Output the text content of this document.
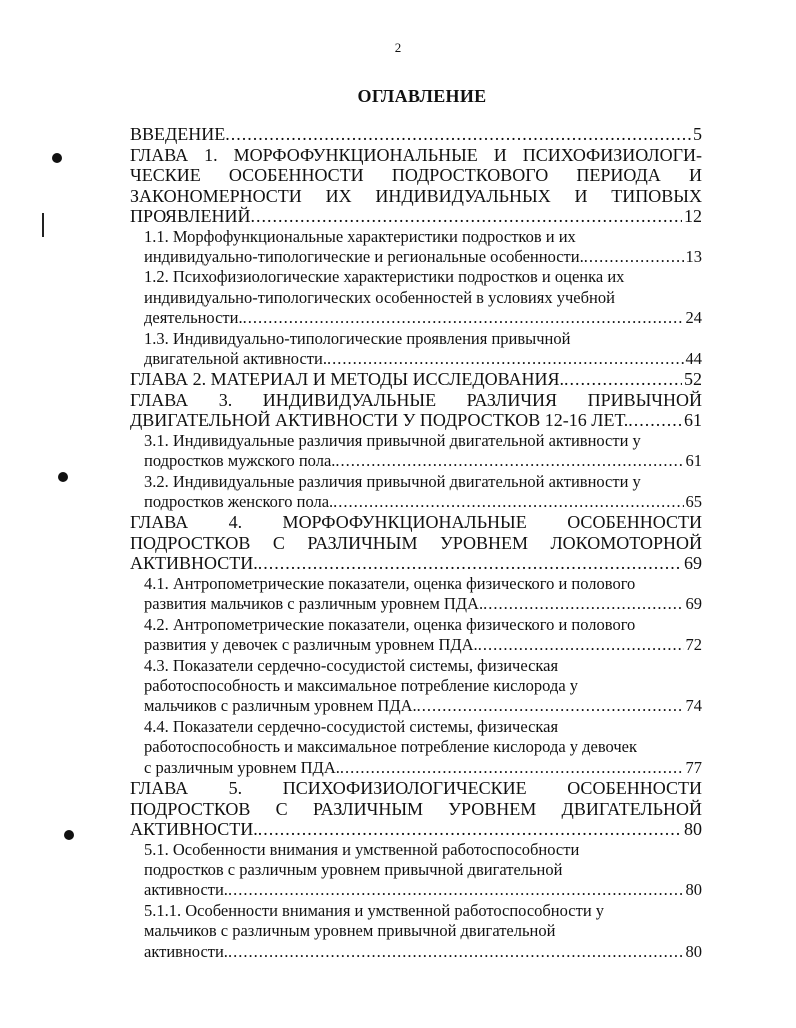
2
ОГЛАВЛЕНИЕ
ВВЕДЕНИЕ .....	5
ГЛАВА 1. МОРФОФУНКЦИОНАЛЬНЫЕ И ПСИХОФИЗИОЛОГИ-
ЧЕСКИЕ ОСОБЕННОСТИ ПОДРОСТКОВОГО ПЕРИОДА И
ЗАКОНОМЕРНОСТИ ИХ ИНДИВИДУАЛЬНЫХ И ТИПОВЫХ
ПРОЯВЛЕНИЙ .....	12
1.1. Морфофункциональные характеристики подростков и их
индивидуально-типологические и региональные особенности. .....	13
1.2. Психофизиологические характеристики подростков и оценка их
индивидуально-типологических особенностей в условиях учебной
деятельности. .....	24
1.3. Индивидуально-типологические проявления привычной
двигательной активности. .....	44
ГЛАВА 2. МАТЕРИАЛ И МЕТОДЫ ИССЛЕДОВАНИЯ. .....	52
ГЛАВА 3. ИНДИВИДУАЛЬНЫЕ РАЗЛИЧИЯ ПРИВЫЧНОЙ
ДВИГАТЕЛЬНОЙ АКТИВНОСТИ У ПОДРОСТКОВ 12-16 ЛЕТ. .....	61
3.1. Индивидуальные различия привычной двигательной активности у
подростков мужского пола. .....	61
3.2. Индивидуальные различия привычной двигательной активности у
подростков женского пола. .....	65
ГЛАВА 4. МОРФОФУНКЦИОНАЛЬНЫЕ ОСОБЕННОСТИ
ПОДРОСТКОВ С РАЗЛИЧНЫМ УРОВНЕМ ЛОКОМОТОРНОЙ
АКТИВНОСТИ. .....	69
4.1. Антропометрические показатели, оценка физического и полового
развития мальчиков с различным уровнем ПДА. .....	69
4.2. Антропометрические показатели, оценка физического и полового
развития у девочек с различным уровнем ПДА. .....	72
4.3. Показатели сердечно-сосудистой системы, физическая
работоспособность и максимальное потребление кислорода у
мальчиков с различным уровнем ПДА. .....	74
4.4. Показатели сердечно-сосудистой системы, физическая
работоспособность и максимальное потребление кислорода у девочек
с различным уровнем ПДА. .....	77
ГЛАВА 5. ПСИХОФИЗИОЛОГИЧЕСКИЕ ОСОБЕННОСТИ
ПОДРОСТКОВ С РАЗЛИЧНЫМ УРОВНЕМ ДВИГАТЕЛЬНОЙ
АКТИВНОСТИ. .....	80
5.1. Особенности внимания и умственной работоспособности
подростков с различным уровнем привычной двигательной
активности. .....	80
5.1.1. Особенности внимания и умственной работоспособности у
мальчиков с различным уровнем привычной двигательной
активности. .....	80
